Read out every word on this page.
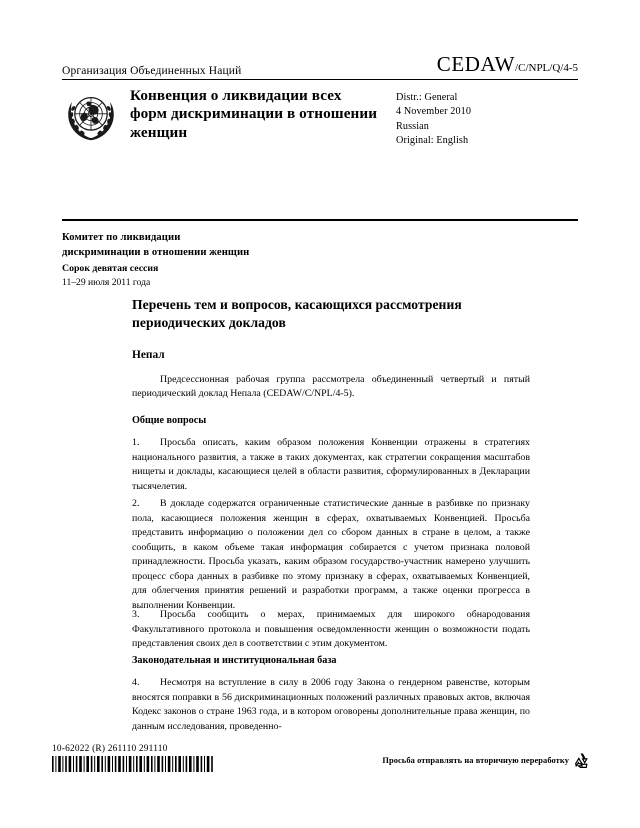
Организация Объединенных Наций	CEDAW /C/NPL/Q/4-5
Конвенция о ликвидации всех форм дискриминации в отношении женщин
Distr.: General
4 November 2010
Russian
Original: English
Комитет по ликвидации
дискриминации в отношении женщин
Сорок девятая сессия
11–29 июля 2011 года
Перечень тем и вопросов, касающихся рассмотрения периодических докладов
Непал
Предсессионная рабочая группа рассмотрела объединенный четвертый и пятый периодический доклад Непала (CEDAW/C/NPL/4-5).
Общие вопросы
1. Просьба описать, каким образом положения Конвенции отражены в стратегиях национального развития, а также в таких документах, как стратегии сокращения масштабов нищеты и доклады, касающиеся целей в области развития, сформулированных в Декларации тысячелетия.
2. В докладе содержатся ограниченные статистические данные в разбивке по признаку пола, касающиеся положения женщин в сферах, охватываемых Конвенцией. Просьба представить информацию о положении дел со сбором данных в стране в целом, а также сообщить, в каком объеме такая информация собирается с учетом признака половой принадлежности. Просьба указать, каким образом государство-участник намерено улучшить процесс сбора данных в разбивке по этому признаку в сферах, охватываемых Конвенцией, для облегчения принятия решений и разработки программ, а также оценки прогресса в выполнении Конвенции.
3. Просьба сообщить о мерах, принимаемых для широкого обнародования Факультативного протокола и повышения осведомленности женщин о возможности подать представления своих дел в соответствии с этим документом.
Законодательная и институциональная база
4. Несмотря на вступление в силу в 2006 году Закона о гендерном равенстве, которым вносятся поправки в 56 дискриминационных положений различных правовых актов, включая Кодекс законов о стране 1963 года, и в котором оговорены дополнительные права женщин, по данным исследования, проведенно-
10-62022 (R) 261110 291110
Просьба отправлять на вторичную переработку
